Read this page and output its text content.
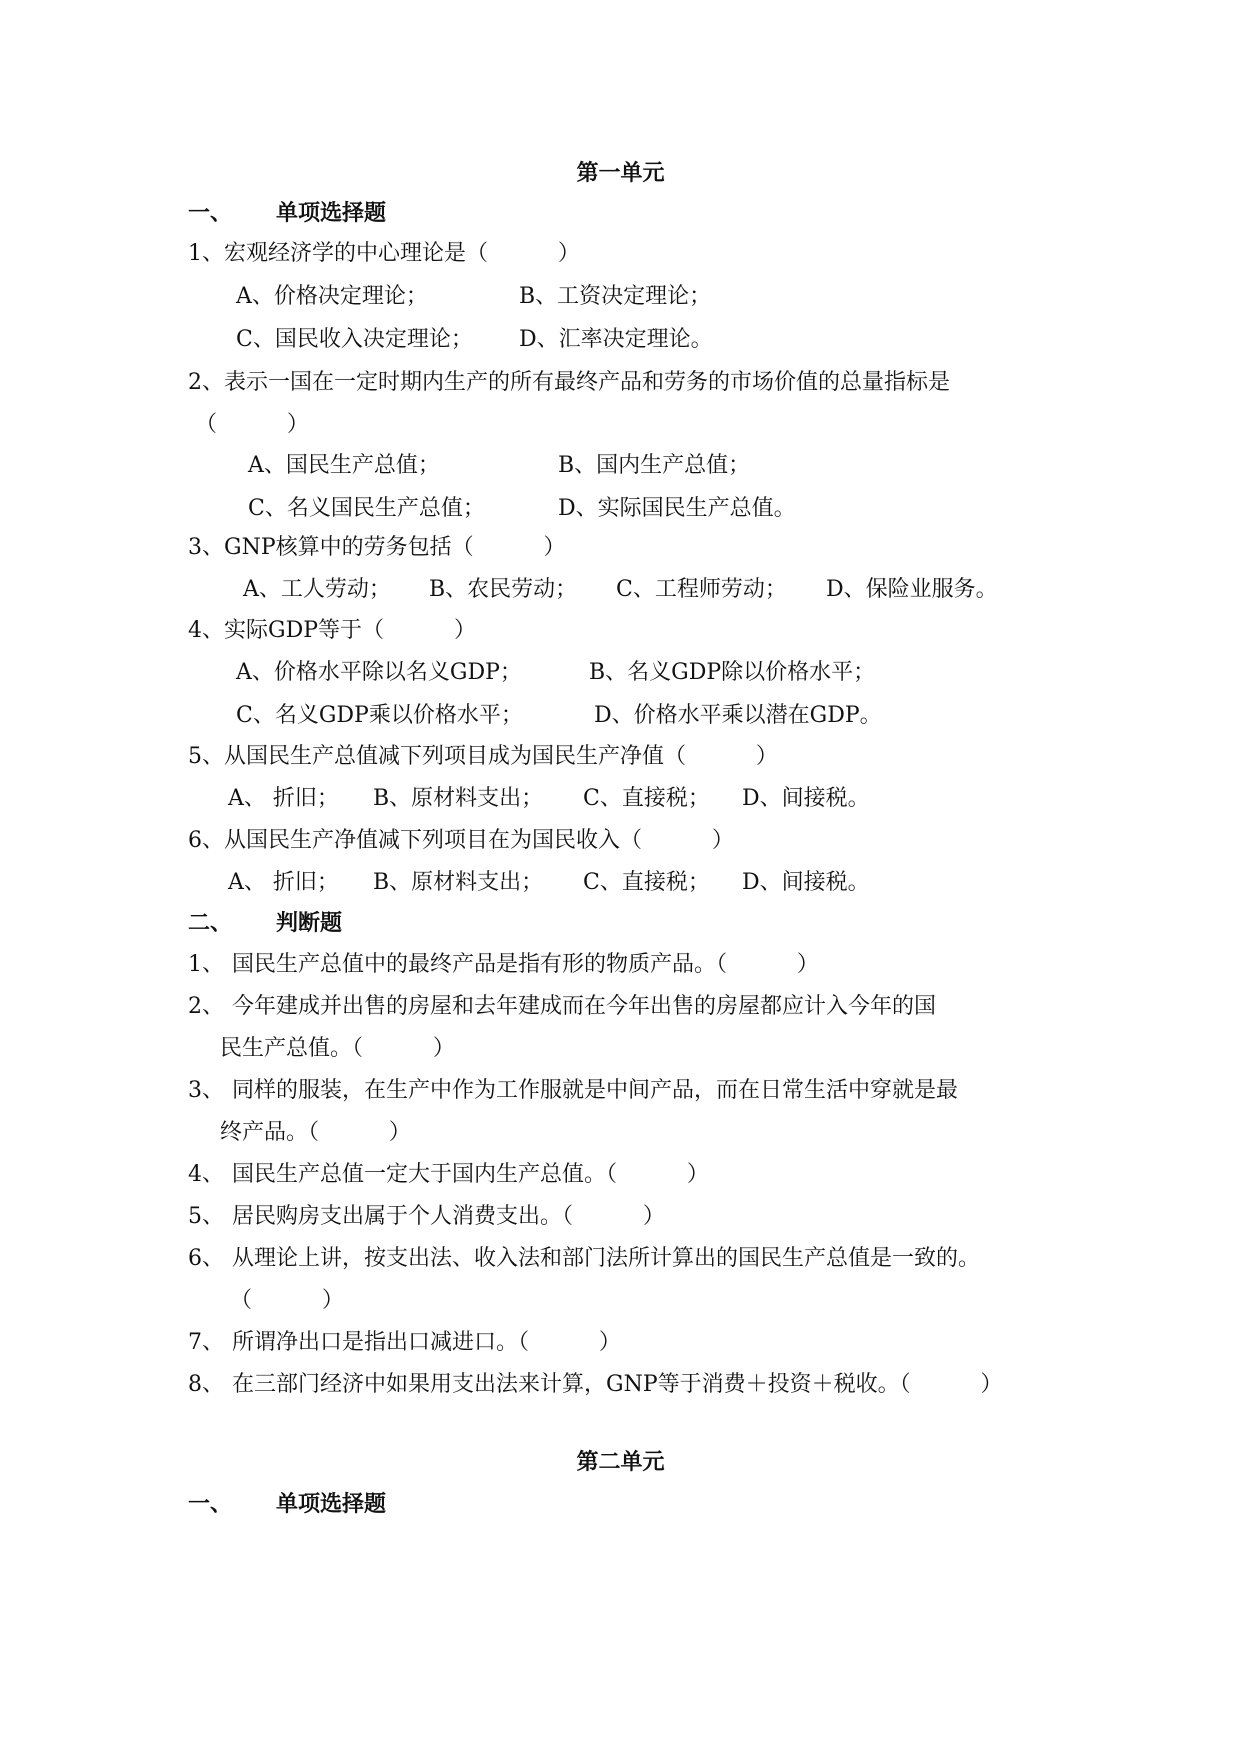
第一单元
一、 单项选择题
1、宏观经济学的中心理论是（          ）
A、价格决定理论；	B、工资决定理论；
C、国民收入决定理论； D、汇率决定理论。
2、表示一国在一定时期内生产的所有最终产品和劳务的市场价值的总量指标是
（          ）
A、国民生产总值；	B、国内生产总值；
C、名义国民生产总值；	D、实际国民生产总值。
3、GNP核算中的劳务包括（          ）
A、工人劳动； B、农民劳动； C、工程师劳动； D、保险业服务。
4、实际GDP等于（          ）
A、价格水平除以名义GDP；	B、名义GDP除以价格水平；
C、名义GDP乘以价格水平；	D、价格水平乘以潜在GDP。
5、从国民生产总值减下列项目成为国民生产净值（          ）
A、 折旧； B、原材料支出； C、直接税； D、间接税。
6、从国民生产净值减下列项目在为国民收入（          ）
A、 折旧； B、原材料支出； C、直接税； D、间接税。
二、 判断题
1、 国民生产总值中的最终产品是指有形的物质产品。（          ）
2、 今年建成并出售的房屋和去年建成而在今年出售的房屋都应计入今年的国
民生产总值。（          ）
3、 同样的服装，在生产中作为工作服就是中间产品，而在日常生活中穿就是最
终产品。（          ）
4、 国民生产总值一定大于国内生产总值。（          ）
5、 居民购房支出属于个人消费支出。（          ）
6、 从理论上讲，按支出法、收入法和部门法所计算出的国民生产总值是一致的。
（          ）
7、 所谓净出口是指出口减进口。（          ）
8、 在三部门经济中如果用支出法来计算，GNP等于消费＋投资＋税收。（          ）
第二单元
一、 单项选择题
